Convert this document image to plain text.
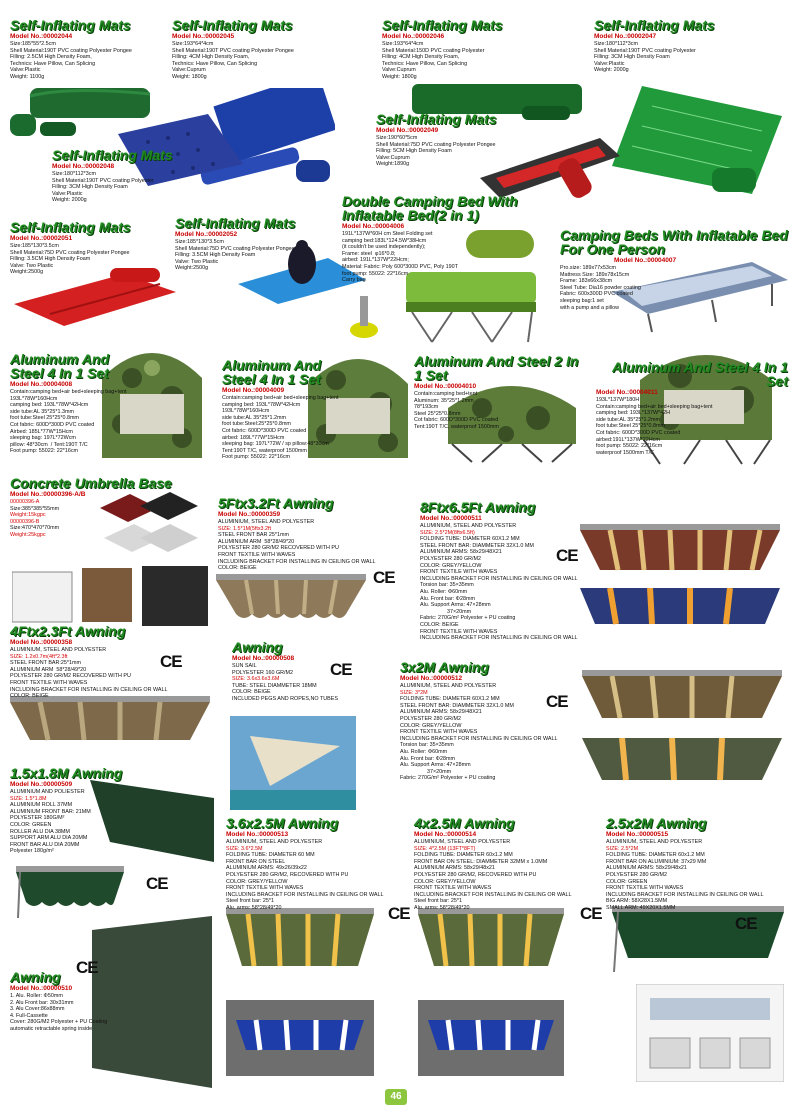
CE
CE
CE	CE
CE
CE
CE	CE
CE
CE
Self-Inflating Mats
Model No.:00002044
Size:185*55*2.5cm
Shell Material:190T PVC coating Polyester Pongee
Filling: 2.5CM High Density Foam,
Technics: Have Pillow, Can Splicing
Valve:Plastic
Weight: 1100g
Self-Inflating Mats
Model No.:00002045
Size:193*64*4cm
Shell Material:190T PVC coating Polyester Pongee
Filling: 4CM High Density Foam,
Technics: Have Pillow, Can Splicing
Valve:Cuprum
Weight: 1800g
Self-Inflating Mats
Model No.:00002046
Size:193*64*4cm
Shell Material:150D PVC coating Polyester
Filling: 4CM High Density Foam,
Technics: Have Pillow, Can Splicing
Valve:Cuprum
Weight: 1800g
Self-Inflating Mats
Model No.:00002047
Size:180*112*3cm
Shell Material:190T PVC coating Polyester
Filling: 3CM High Density Foam
Valve:Plastic
Weight: 2000g
Self-Inflating Mats
Model No.:00002049
Size:190*60*5cm
Shell Material:75D PVC coating Polyester Pongee
Filling: 5CM High Density Foam
Valve:Cuprum
Weight:1890g
Self-Inflating Mats
Model No.:00002048
Size:180*112*3cm
Shell Material:190T PVC coating Polyester
Filling: 3CM High Density Foam
Valve:Plastic
Weight: 2000g
Self-Inflating Mats
Model No.:00002051
Size:185*130*3.5cm
Shell Material:75D PVC coating Polyester Pongee
Filling: 3.5CM High Density Foam
Valve: Two Plastic
Weight:2500g
Self-Inflating Mats
Model No.:00002052
Size:185*130*3.5cm
Shell Material:75D PVC coating Polyester Pongee
Filling: 3.5CM High Density Foam
Valve: Two Plastic
Weight:2500g
Double Camping Bed With Inflatable Bed(2 in 1)
Model No.:00004006
191L*137W*60H cm Steel Folding set
camping bed:183L*124.5W*38Hcm
(it couldn't be used independently);
Frame: steel  φ16*0.8;
airbed: 191L*137W*22Hcm;
Material: Fabric: Poly 600*300D PVC, Poly 190T
foot pump: 55022: 22*16cm
Carry bag
Camping Beds With Inflatable Bed For One Person
Model No.:00004007
Pro.size: 189x77x53cm
Mattress Size: 189x78x15cm
Frame: 183x66x38cm
Steel Tube: Dia16 powder coating
Fabric: 600x300D PVC coated
sleeping bag:1 set
with a pump and a pillow
Aluminum And Steel 4 In 1 Set
Model No.:00004008
Contain:camping bed+air bed+sleeping bag+tent
193L*78W*160Hcm
camping bed: 193L*78W*42Hcm
side tube:AL 35*25*1.3mm
foot tube:Steel 25*25*0.8mm
Cot fabric: 600D*300D PVC coated
Airbed: 185L*77W*15Hcm
sleeping bag: 197L*72Wcm
pillow: 48*30cm  / Tent:190T T/C
Foot pump: 55022: 22*16cm
Aluminum And Steel 4 In 1 Set
Model No.:00004009
Contain:camping bed+air bed+sleeping bag+tent
camping bed: 193L*78W*42Hcm
193L*78W*160Hcm
side tube:AL 35*25*1.2mm
foot tube:Steel:25*25*0.8mm
Cot fabric: 600D*300D PVC coated
airbed: 189L*77W*15Hcm
sleeping bag: 197L*72W / sp pillow:48*30cm
Tent:190T T/C, waterproof 1500mm
Foot pump: 55022: 22*16cm
Aluminum And Steel 2 In 1 Set
Model No.:00004010
Contain:camping bed+tent
Aluminum: 35*25*1.2mm
78*193cm
Steel 25*25*0.8mm
Cot fabric: 600D*300D PVC coated
Tent:190T T/C, waterproof 1500mm
Aluminum And Steel 4 In 1 Set
Model No.:00004011
193L*137W*180H
Contain:camping bed+air bed+sleeping bag+tent
camping bed: 193L*137W*42H
side tube:AL 35*25*1.2mm
foot tube:Steel 25*25*0.8mm
Cot fabric: 600D*300D PVC coated
airbed:191L*137W*22Hcm
foot pump: 55022: 22*16cm
waterproof 1500mm T/C
Concrete Umbrella Base
Model No.:00000396-A/B
00000396-A
Size:385*385*55mm
Weight:15kgpc
00000396-B
Size:470*470*70mm
Weight:25kgpc
5Ftx3.2Ft Awning
Model No.:00000359
ALUMINIUM, STEEL AND POLYESTER
SIZE: 1.5*1M(5ftx3.2ft
STEEL FRONT BAR 25*1mm
ALUMINIUM ARM  58*28/49*20
POLYESTER 280 GR/M2 RECOVERED WITH PU
FRONT TEXTILE WITH WAVES
INCLUDING BRACKET FOR INSTALLING IN CEILING OR WALL
COLOR: BEIGE
8Ftx6.5Ft Awning
Model No.:00000511
ALUMINIUM, STEEL AND POLYESTER
SIZE: 2.5*2M(8ftx6.5ft)
FOLDING TUBE: DIAMETER 60X1.2 MM
STEEL FRONT BAR: DIAMMETER 32X1.0 MM
ALUMINIUM ARMS: 58x29/48X21
POLYESTER 280 GR/M2
COLOR: GREY/YELLOW
FRONT TEXTILE WITH WAVES
INCLUDING BRACKET FOR INSTALLING IN CEILING OR WALL
Torsion bar: 35×35mm
Alu. Roller: Φ60mm
Alu. Front bar: Φ28mm
Alu. Support Arms: 47×28mm
37×20mm
Fabric: 270G/m² Polyester + PU coating
COLOR: BEIGE
FRONT TEXTILE WITH WAVES
INCLUDING BRACKET FOR INSTALLING IN CEILING OR WALL
4Ftx2.3Ft Awning
Model No.:00000358
ALUMINIUM, STEEL AND POLYESTER
SIZE: 1.2x0.7m(4ft*2.3ft
STEEL FRONT BAR:25*1mm
ALUMINIUM ARM  58*28/49*20
POLYESTER 280 GR/M2 RECOVERED WITH PU
FRONT TEXTILE WITH WAVES
INCLUDING BRACKET FOR INSTALLING IN CEILING OR WALL
COLOR: BEIGE
Awning
Model No.:00000508
SUN SAIL
POLYESTER 160 GR/M2
SIZE: 3.6x3.6x3.6M
TUBE: STEEL DIAMMETER 18MM
COLOR: BEIGE
INCLUDED PEGS AND ROPES,NO TUBES
3x2M Awning
Model No.:00000512
ALUMINIUM, STEEL AND POLYESTER
SIZE: 3*2M
FOLDING TUBE: DIAMETER 60X1.2 MM
STEEL FRONT BAR: DIAMMETER 32X1.0 MM
ALUMINIUM ARMS: 58x29/48X21
POLYESTER 280 GR/M2
COLOR: GREY/YELLOW
FRONT TEXTILE WITH WAVES
INCLUDING BRACKET FOR INSTALLING IN CEILING OR WALL
Torsion bar: 35×35mm
Alu. Roller: Φ60mm
Alu. Front bar: Φ28mm
Alu. Support Arms: 47×28mm
37×20mm
Fabric: 270G/m² Polyester + PU coating
1.5x1.8M Awning
Model No.:00000509
ALUMINIUM AND POLIESTER
SIZE: 1.5*1.8M
ALUMINIUM ROLL 37MM
ALUMINIUM FRONT BAR: 21MM
POLYESTER 180G/M²
COLOR: GREEN
ROLLER ALU DIA 38MM
SUPPORT ARM ALU DIA 20MM
FRONT BAR ALU DIA 20MM
Polyester 180g/m²
3.6x2.5M Awning
Model No.:00000513
ALUMINIUM, STEEL AND POLYESTER
SIZE: 3.6*2.5M
FOLDING TUBE: DIAMETER 60 MM
FRONT BAR ON STEEL
ALUMINIUM ARMS: 49x26/39x22
POLYESTER 280 GR/M2, RECOVERED WITH PU
COLOR: GREY/YELLOW
FRONT TEXTILE WITH WAVES
INCLUDING BRACKET FOR INSTALLING IN CEILING OR WALL
Steel front bar: 25*1
Alu. arms: 58*28/49*20
4x2.5M Awning
Model No.:00000514
ALUMINIUM, STEEL AND POLYESTER
SIZE: 4*2.5M (13FT*8FT)
FOLDING TUBE: DIAMETER 60x1.2 MM
FRONT BAR ON STEEL: DIAMMETER 32MM x 1.0MM
ALUMINIUM ARMS: 58x29/48x21
POLYESTER 280 GR/M2, RECOVERED WITH PU
COLOR: GREY/YELLOW
FRONT TEXTILE WITH WAVES
INCLUDING BRACKET FOR INSTALLING IN CEILING OR WALL
Steel front bar: 25*1
Alu. arms: 58*28/49*20
2.5x2M Awning
Model No.:00000515
ALUMINIUM, STEEL AND POLYESTER
SIZE: 2.5*2M
FOLDING TUBE: DIAMETER 60x1.2 MM
FRONT BAR ON ALUMINIUM: 37x29 MM
ALUMINIUM ARMS: 58x29/48x21
POLYESTER 280 GR/M2
COLOR: GREEN
FRONT TEXTILE WITH WAVES
INCLUDING BRACKET FOR INSTALLING IN CEILING OR WALL
BIG ARM: 58X28X1.5MM
SMALL ARM: 49X20X1.5MM
Awning
Model No.:00000510
1. Alu. Roller: Φ50mm
2. Alu Front bar: 30x31mm
3. Alu Cover:86x88mm
4. Full-Cassette
Cover: 280G/M2 Polyester + PU Coating
automatic retractable spring inside
46
